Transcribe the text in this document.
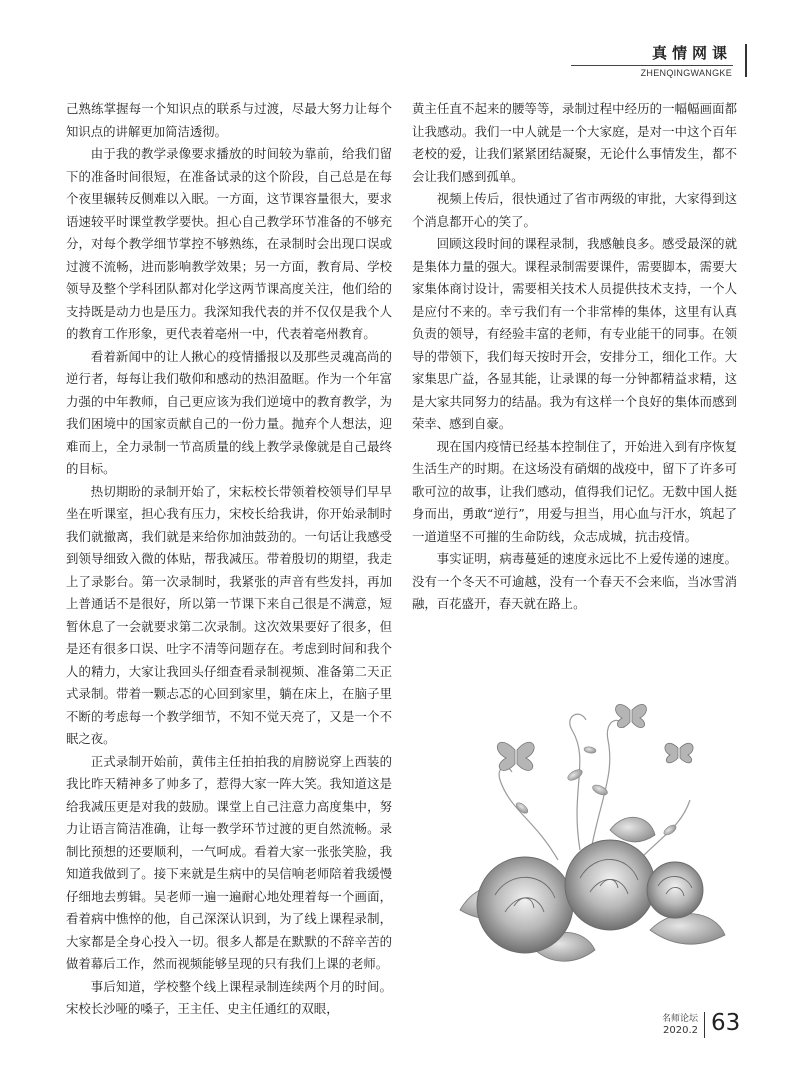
真情网课
ZHENQINGWANGKE

己熟练掌握每一个知识点的联系与过渡，尽最大努力让每个知识点的讲解更加简洁透彻。

由于我的教学录像要求播放的时间较为靠前，给我们留下的准备时间很短，在准备试录的这个阶段，自己总是在每个夜里辗转反侧难以入眠。一方面，这节课容量很大，要求语速较平时课堂教学要快。担心自己教学环节准备的不够充分，对每个教学细节掌控不够熟练，在录制时会出现口误或过渡不流畅，进而影响教学效果；另一方面，教育局、学校领导及整个学科团队都对化学这两节课高度关注，他们给的支持既是动力也是压力。我深知我代表的并不仅仅是我个人的教育工作形象，更代表着亳州一中，代表着亳州教育。

看着新闻中的让人揪心的疫情播报以及那些灵魂高尚的逆行者，每每让我们敬仰和感动的热泪盈眶。作为一个年富力强的中年教师，自己更应该为我们逆境中的教育教学，为我们困境中的国家贡献自己的一份力量。抛弃个人想法，迎难而上，全力录制一节高质量的线上教学录像就是自己最终的目标。

热切期盼的录制开始了，宋耘校长带领着校领导们早早坐在听课室，担心我有压力，宋校长给我讲，你开始录制时我们就撤离，我们就是来给你加油鼓劲的。一句话让我感受到领导细致入微的体贴，帮我减压。带着殷切的期望，我走上了录影台。第一次录制时，我紧张的声音有些发抖，再加上普通话不是很好，所以第一节课下来自己很是不满意，短暂休息了一会就要求第二次录制。这次效果要好了很多，但是还有很多口误、吐字不清等问题存在。考虑到时间和我个人的精力，大家让我回头仔细查看录制视频、准备第二天正式录制。带着一颗忐忑的心回到家里，躺在床上，在脑子里不断的考虑每一个教学细节，不知不觉天亮了，又是一个不眠之夜。

正式录制开始前，黄伟主任拍拍我的肩膀说穿上西装的我比昨天精神多了帅多了，惹得大家一阵大笑。我知道这是给我减压更是对我的鼓励。课堂上自己注意力高度集中，努力让语言简洁准确，让每一教学环节过渡的更自然流畅。录制比预想的还要顺利，一气呵成。看着大家一张张笑脸，我知道我做到了。接下来就是生病中的吴信响老师陪着我缓慢仔细地去剪辑。吴老师一遍一遍耐心地处理着每一个画面，看着病中憔悴的他，自己深深认识到，为了线上课程录制，大家都是全身心投入一切。很多人都是在默默的不辞辛苦的做着幕后工作，然而视频能够呈现的只有我们上课的老师。

事后知道，学校整个线上课程录制连续两个月的时间。宋校长沙哑的嗓子，王主任、史主任通红的双眼，

黄主任直不起来的腰等等，录制过程中经历的一幅幅画面都让我感动。我们一中人就是一个大家庭，是对一中这个百年老校的爱，让我们紧紧团结凝聚，无论什么事情发生，都不会让我们感到孤单。

视频上传后，很快通过了省市两级的审批，大家得到这个消息都开心的笑了。

回顾这段时间的课程录制，我感触良多。感受最深的就是集体力量的强大。课程录制需要课件，需要脚本，需要大家集体商讨设计，需要相关技术人员提供技术支持，一个人是应付不来的。幸亏我们有一个非常棒的集体，这里有认真负责的领导，有经验丰富的老师，有专业能干的同事。在领导的带领下，我们每天按时开会，安排分工，细化工作。大家集思广益，各显其能，让录课的每一分钟都精益求精，这是大家共同努力的结晶。我为有这样一个良好的集体而感到荣幸、感到自豪。

现在国内疫情已经基本控制住了，开始进入到有序恢复生活生产的时期。在这场没有硝烟的战疫中，留下了许多可歌可泣的故事，让我们感动，值得我们记忆。无数中国人挺身而出，勇敢“逆行”，用爱与担当，用心血与汗水，筑起了一道道坚不可摧的生命防线，众志成城，抗击疫情。

事实证明，病毒蔓延的速度永远比不上爱传递的速度。没有一个冬天不可逾越，没有一个春天不会来临，当冰雪消融，百花盛开，春天就在路上。

名师论坛
2020.2 63
